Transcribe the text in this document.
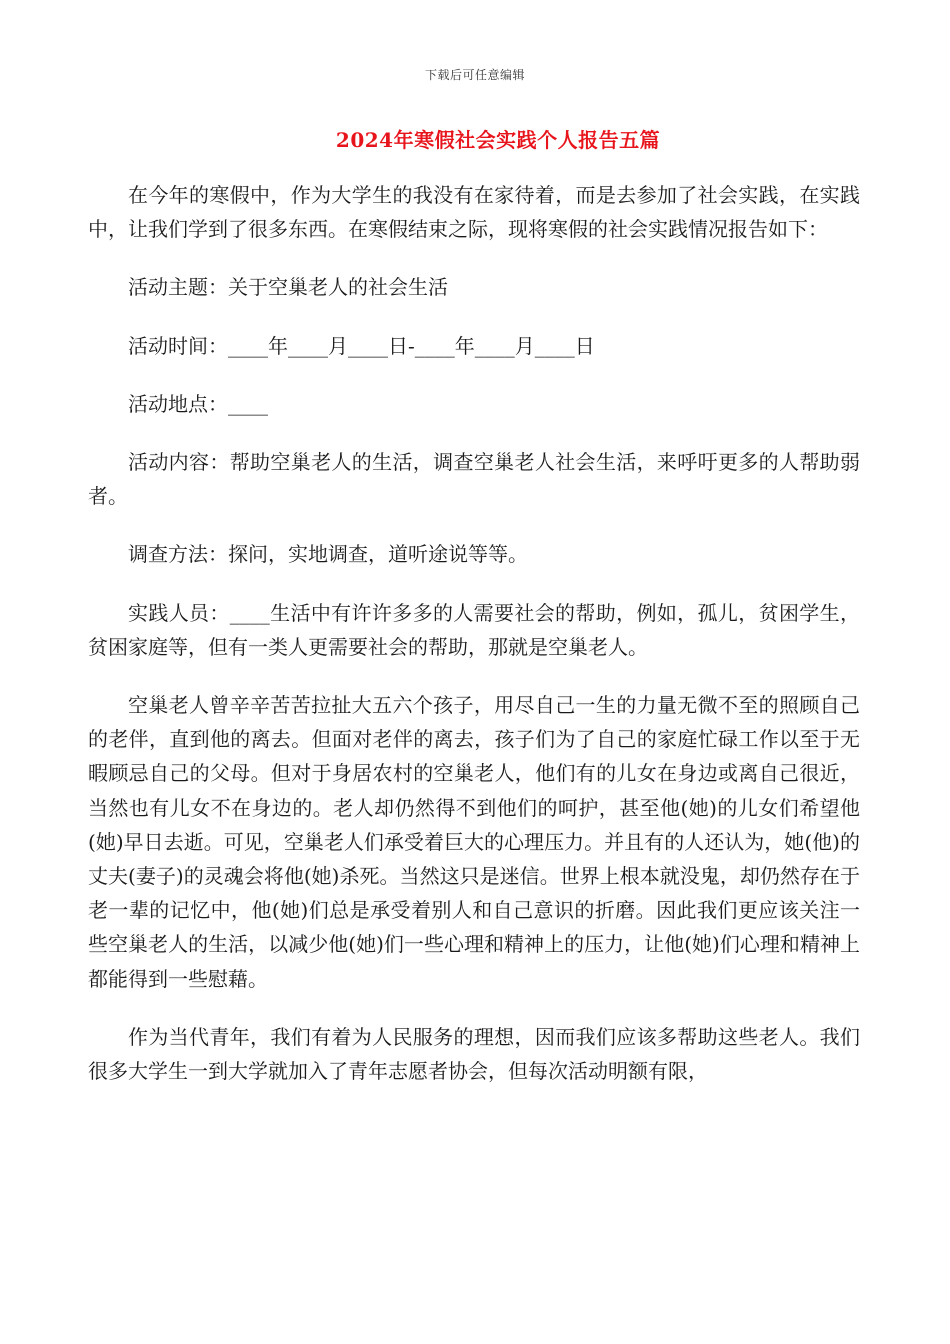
下载后可任意编辑
2024年寒假社会实践个人报告五篇

在今年的寒假中，作为大学生的我没有在家待着，而是去参加了社会实践，在实践中，让我们学到了很多东西。在寒假结束之际，现将寒假的社会实践情况报告如下：

活动主题：关于空巢老人的社会生活

活动时间：____年____月____日-____年____月____日

活动地点：____

活动内容：帮助空巢老人的生活，调查空巢老人社会生活，来呼吁更多的人帮助弱者。

调查方法：探问，实地调查，道听途说等等。

实践人员：____生活中有许许多多的人需要社会的帮助，例如，孤儿，贫困学生，贫困家庭等，但有一类人更需要社会的帮助，那就是空巢老人。

空巢老人曾辛辛苦苦拉扯大五六个孩子，用尽自己一生的力量无微不至的照顾自己的老伴，直到他的离去。但面对老伴的离去，孩子们为了自己的家庭忙碌工作以至于无暇顾忌自己的父母。但对于身居农村的空巢老人，他们有的儿女在身边或离自己很近，当然也有儿女不在身边的。老人却仍然得不到他们的呵护，甚至他(她)的儿女们希望他(她)早日去逝。可见，空巢老人们承受着巨大的心理压力。并且有的人还认为，她(他)的丈夫(妻子)的灵魂会将他(她)杀死。当然这只是迷信。世界上根本就没鬼，却仍然存在于老一辈的记忆中，他(她)们总是承受着别人和自己意识的折磨。因此我们更应该关注一些空巢老人的生活，以减少他(她)们一些心理和精神上的压力，让他(她)们心理和精神上都能得到一些慰藉。

作为当代青年，我们有着为人民服务的理想，因而我们应该多帮助这些老人。我们很多大学生一到大学就加入了青年志愿者协会，但每次活动明额有限，
